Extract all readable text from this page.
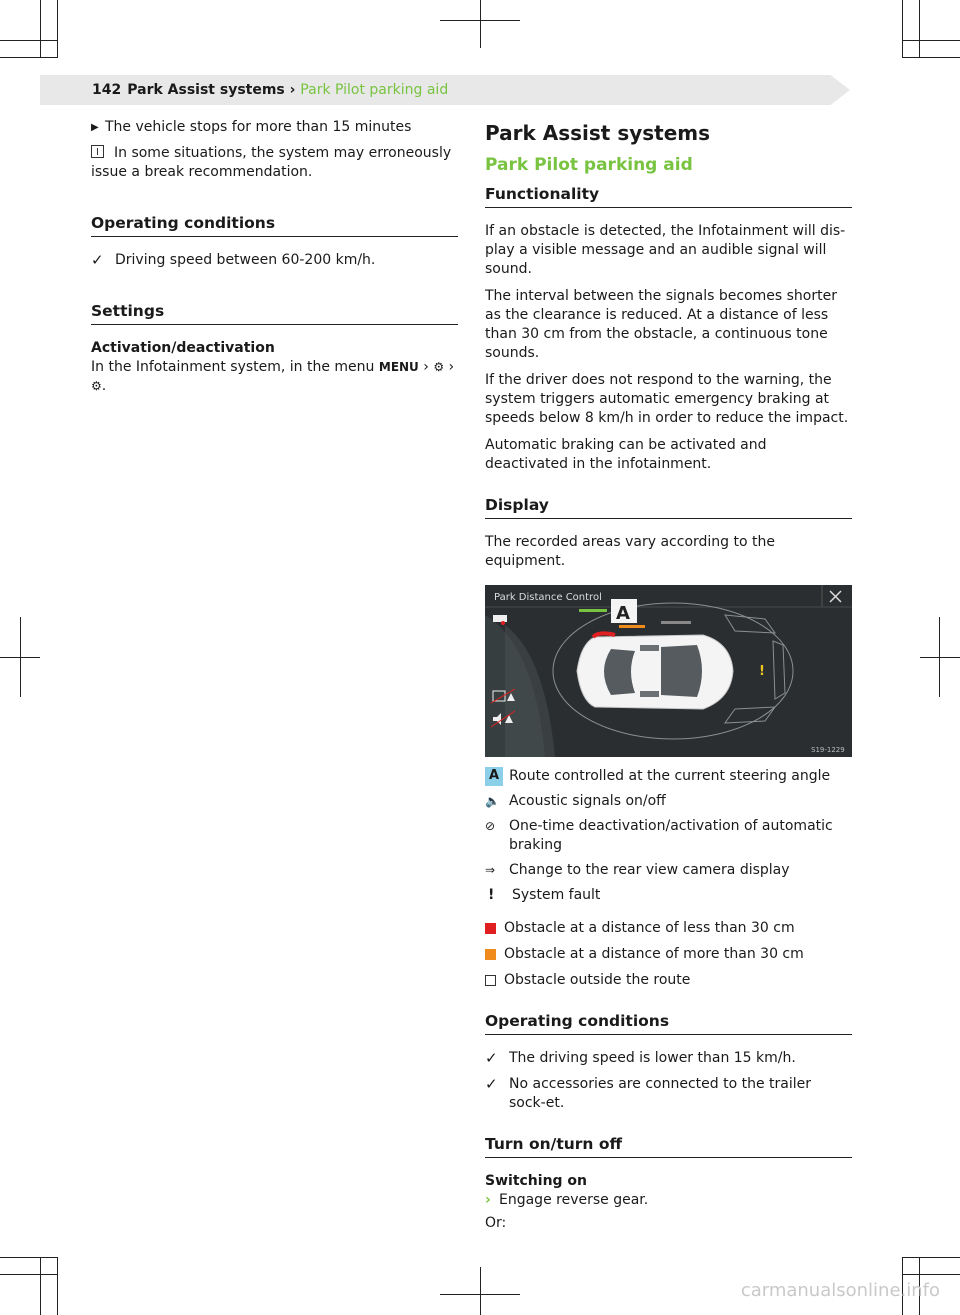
142 Park Assist systems › Park Pilot parking aid
▶ The vehicle stops for more than 15 minutes

In some situations, the system may erroneously issue a break recommendation.

Operating conditions
✓ Driving speed between 60-200 km/h.
Settings
Activation/deactivation

In the Infotainment system, in the menu MENU › ⚙ ›
⚙.

Park Assist systems
Park Pilot parking aid
Functionality

If an obstacle is detected, the Infotainment will dis-play a visible message and an audible signal will sound.

The interval between the signals becomes shorter as the clearance is reduced. At a distance of less than 30 cm from the obstacle, a continuous tone sounds.

If the driver does not respond to the warning, the system triggers automatic emergency braking at speeds below 8 km/h in order to reduce the impact.

Automatic braking can be activated and deactivated in the infotainment.

Display

The recorded areas vary according to the equipment.

Park Distance Control
!
A
S19-1229
A Route controlled at the current steering angle
🔈 Acoustic signals on/off
⊘ One-time deactivation/activation of automatic braking
⇒ Change to the rear view camera display
!	System fault
Obstacle at a distance of less than 30 cm
Obstacle at a distance of more than 30 cm
Obstacle outside the route
Operating conditions
✓ The driving speed is lower than 15 km/h.
✓ No accessories are connected to the trailer sock-et.
Turn on/turn off
Switching on
› Engage reverse gear.

Or:

carmanualsonline.info
